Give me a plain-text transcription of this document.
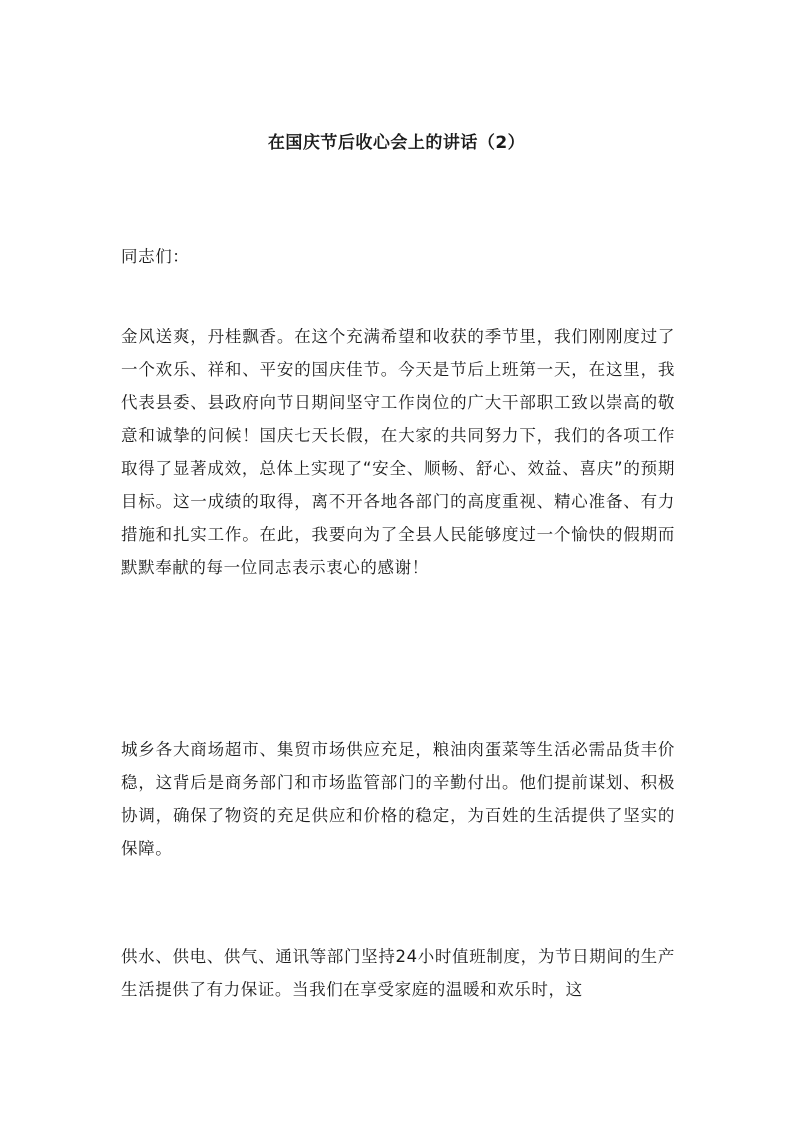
在国庆节后收心会上的讲话（2）
同志们：
金风送爽，丹桂飘香。在这个充满希望和收获的季节里，我们刚刚度过了一个欢乐、祥和、平安的国庆佳节。今天是节后上班第一天，在这里，我代表县委、县政府向节日期间坚守工作岗位的广大干部职工致以崇高的敬意和诚挚的问候！国庆七天长假，在大家的共同努力下，我们的各项工作取得了显著成效，总体上实现了“安全、顺畅、舒心、效益、喜庆”的预期目标。这一成绩的取得，离不开各地各部门的高度重视、精心准备、有力措施和扎实工作。在此，我要向为了全县人民能够度过一个愉快的假期而默默奉献的每一位同志表示衷心的感谢！
城乡各大商场超市、集贸市场供应充足，粮油肉蛋菜等生活必需品货丰价稳，这背后是商务部门和市场监管部门的辛勤付出。他们提前谋划、积极协调，确保了物资的充足供应和价格的稳定，为百姓的生活提供了坚实的保障。
供水、供电、供气、通讯等部门坚持24小时值班制度，为节日期间的生产生活提供了有力保证。当我们在享受家庭的温暖和欢乐时，这
